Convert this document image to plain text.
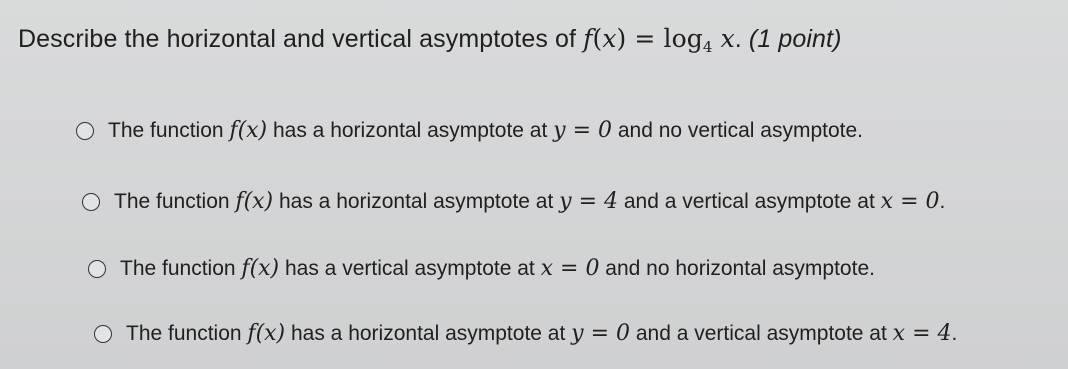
Describe the horizontal and vertical asymptotes of $f(x) = \log_4 x$. (1 point)
The function f(x) has a horizontal asymptote at y = 0 and no vertical asymptote.
The function f(x) has a horizontal asymptote at y = 4 and a vertical asymptote at x = 0.
The function f(x) has a vertical asymptote at x = 0 and no horizontal asymptote.
The function f(x) has a horizontal asymptote at y = 0 and a vertical asymptote at x = 4.
